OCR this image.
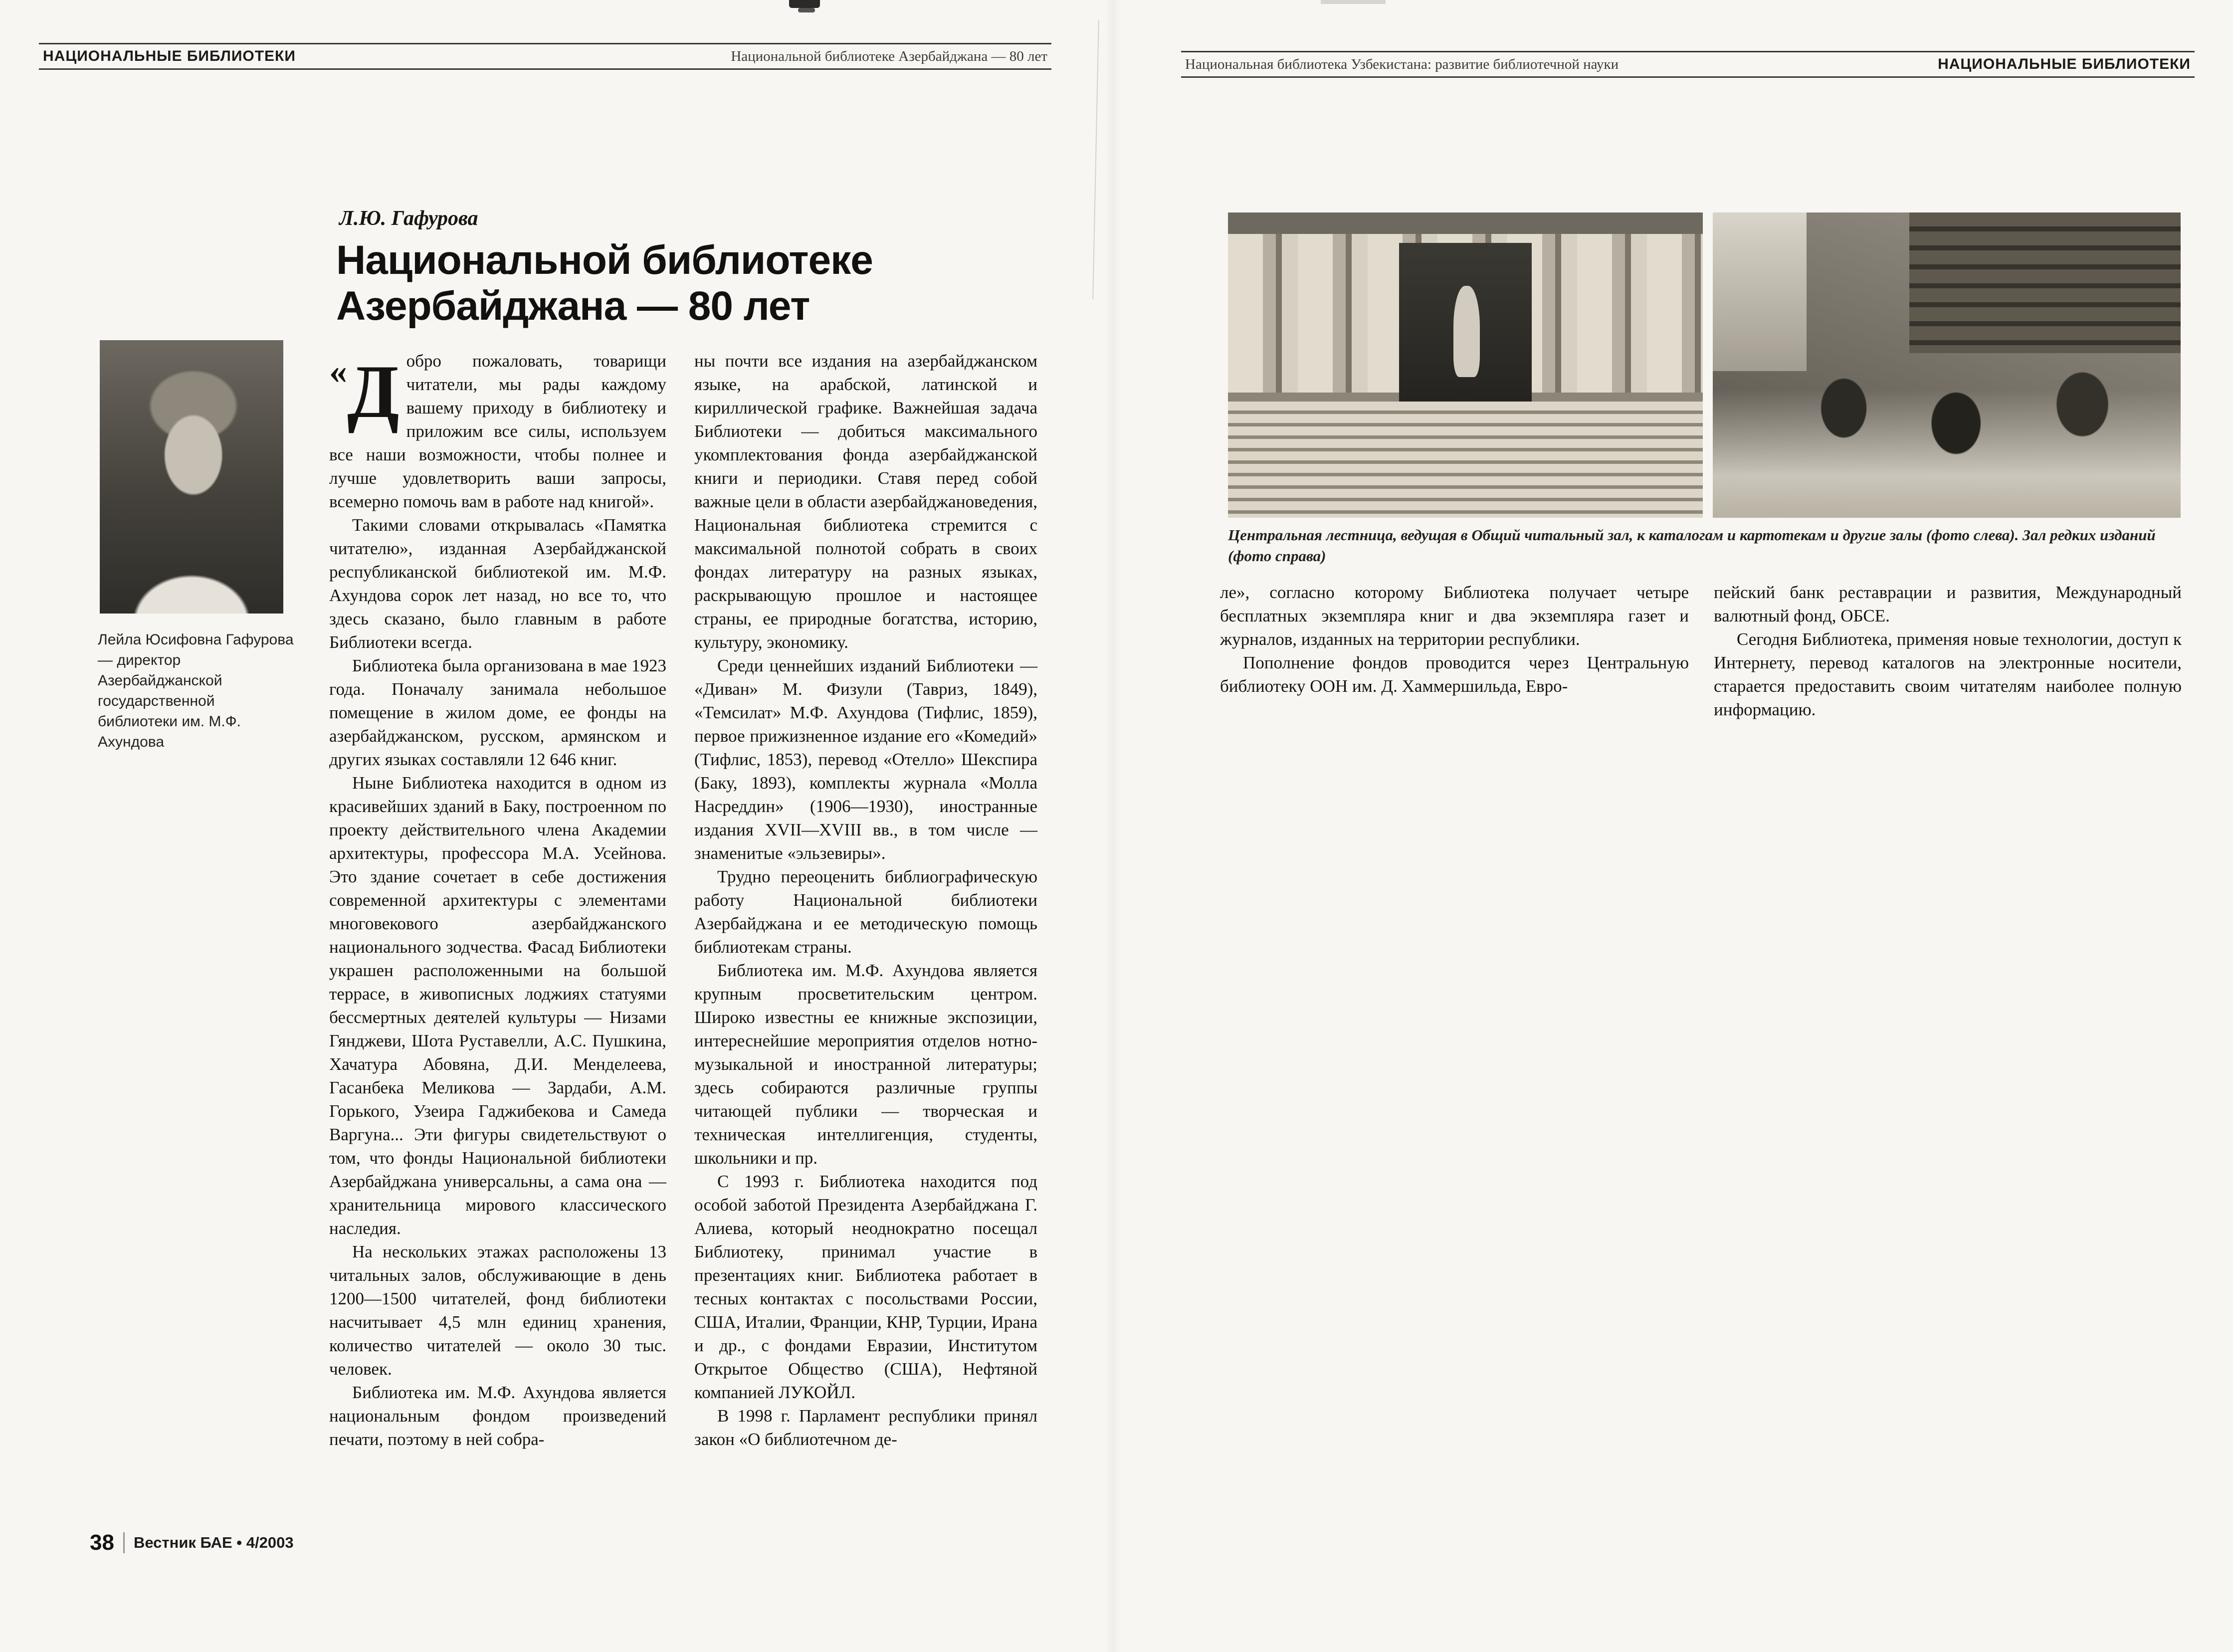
НАЦИОНАЛЬНЫЕ БИБЛИОТЕКИ	Национальной библиотеке Азербайджана — 80 лет
Л.Ю. Гафурова
Национальной библиотеке Азербайджана — 80 лет
Лейла Юсифовна Гафурова — директор Азербайджанской государственной библиотеки им. М.Ф. Ахундова

«Д обро пожаловать, товарищи читатели, мы рады каждому вашему приходу в библиотеку и приложим все силы, используем все наши возможности, чтобы полнее и лучше удовлетворить ваши запросы, всемерно помочь вам в работе над книгой».

Такими словами открывалась «Памятка читателю», изданная Азербайджанской республиканской библиотекой им. М.Ф. Ахундова сорок лет назад, но все то, что здесь сказано, было главным в работе Библиотеки всегда.

Библиотека была организована в мае 1923 года. Поначалу занимала небольшое помещение в жилом доме, ее фонды на азербайджанском, русском, армянском и других языках составляли 12 646 книг.

Ныне Библиотека находится в одном из красивейших зданий в Баку, построенном по проекту действительного члена Академии архитектуры, профессора М.А. Усейнова. Это здание сочетает в себе достижения современной архитектуры с элементами многовекового азербайджанского национального зодчества. Фасад Библиотеки украшен расположенными на большой террасе, в живописных лоджиях статуями бессмертных деятелей культуры — Низами Гянджеви, Шота Руставелли, А.С. Пушкина, Хачатура Абовяна, Д.И. Менделеева, Гасанбека Меликова — Зардаби, А.М. Горького, Узеира Гаджибекова и Самеда Варгуна... Эти фигуры свидетельствуют о том, что фонды Национальной библиотеки Азербайджана универсальны, а сама она — хранительница мирового классического наследия.

На нескольких этажах расположены 13 читальных залов, обслуживающие в день 1200—1500 читателей, фонд библиотеки насчитывает 4,5 млн единиц хранения, количество читателей — около 30 тыс. человек.

Библиотека им. М.Ф. Ахундова является национальным фондом произведений печати, поэтому в ней собра-

ны почти все издания на азербайджанском языке, на арабской, латинской и кириллической графике. Важнейшая задача Библиотеки — добиться максимального укомплектования фонда азербайджанской книги и периодики. Ставя перед собой важные цели в области азербайджановедения, Национальная библиотека стремится с максимальной полнотой собрать в своих фондах литературу на разных языках, раскрывающую прошлое и настоящее страны, ее природные богатства, историю, культуру, экономику.

Среди ценнейших изданий Библиотеки — «Диван» М. Физули (Тавриз, 1849), «Темсилат» М.Ф. Ахундова (Тифлис, 1859), первое прижизненное издание его «Комедий» (Тифлис, 1853), перевод «Отелло» Шекспира (Баку, 1893), комплекты журнала «Молла Насреддин» (1906—1930), иностранные издания XVII—XVIII вв., в том числе — знаменитые «эльзевиры».

Трудно переоценить библиографическую работу Национальной библиотеки Азербайджана и ее методическую помощь библиотекам страны.

Библиотека им. М.Ф. Ахундова является крупным просветительским центром. Широко известны ее книжные экспозиции, интереснейшие мероприятия отделов нотно-музыкальной и иностранной литературы; здесь собираются различные группы читающей публики — творческая и техническая интеллигенция, студенты, школьники и пр.

С 1993 г. Библиотека находится под особой заботой Президента Азербайджана Г. Алиева, который неоднократно посещал Библиотеку, принимал участие в презентациях книг. Библиотека работает в тесных контактах с посольствами России, США, Италии, Франции, КНР, Турции, Ирана и др., с фондами Евразии, Институтом Открытое Общество (США), Нефтяной компанией ЛУКОЙЛ.

В 1998 г. Парламент республики принял закон «О библиотечном де-

38 Вестник БАЕ • 4/2003
Национальная библиотека Узбекистана: развитие библиотечной науки	НАЦИОНАЛЬНЫЕ БИБЛИОТЕКИ
Центральная лестница, ведущая в Общий читальный зал, к каталогам и картотекам и другие залы (фото слева). Зал редких изданий (фото справа)

ле», согласно которому Библиотека получает четыре бесплатных экземпляра книг и два экземпляра газет и журналов, изданных на территории республики.

Пополнение фондов проводится через Центральную библиотеку ООН им. Д. Хаммершильда, Евро-

пейский банк реставрации и развития, Международный валютный фонд, ОБСЕ.

Сегодня Библиотека, применяя новые технологии, доступ к Интернету, перевод каталогов на электронные носители, старается предоставить своим читателям наиболее полную информацию.
